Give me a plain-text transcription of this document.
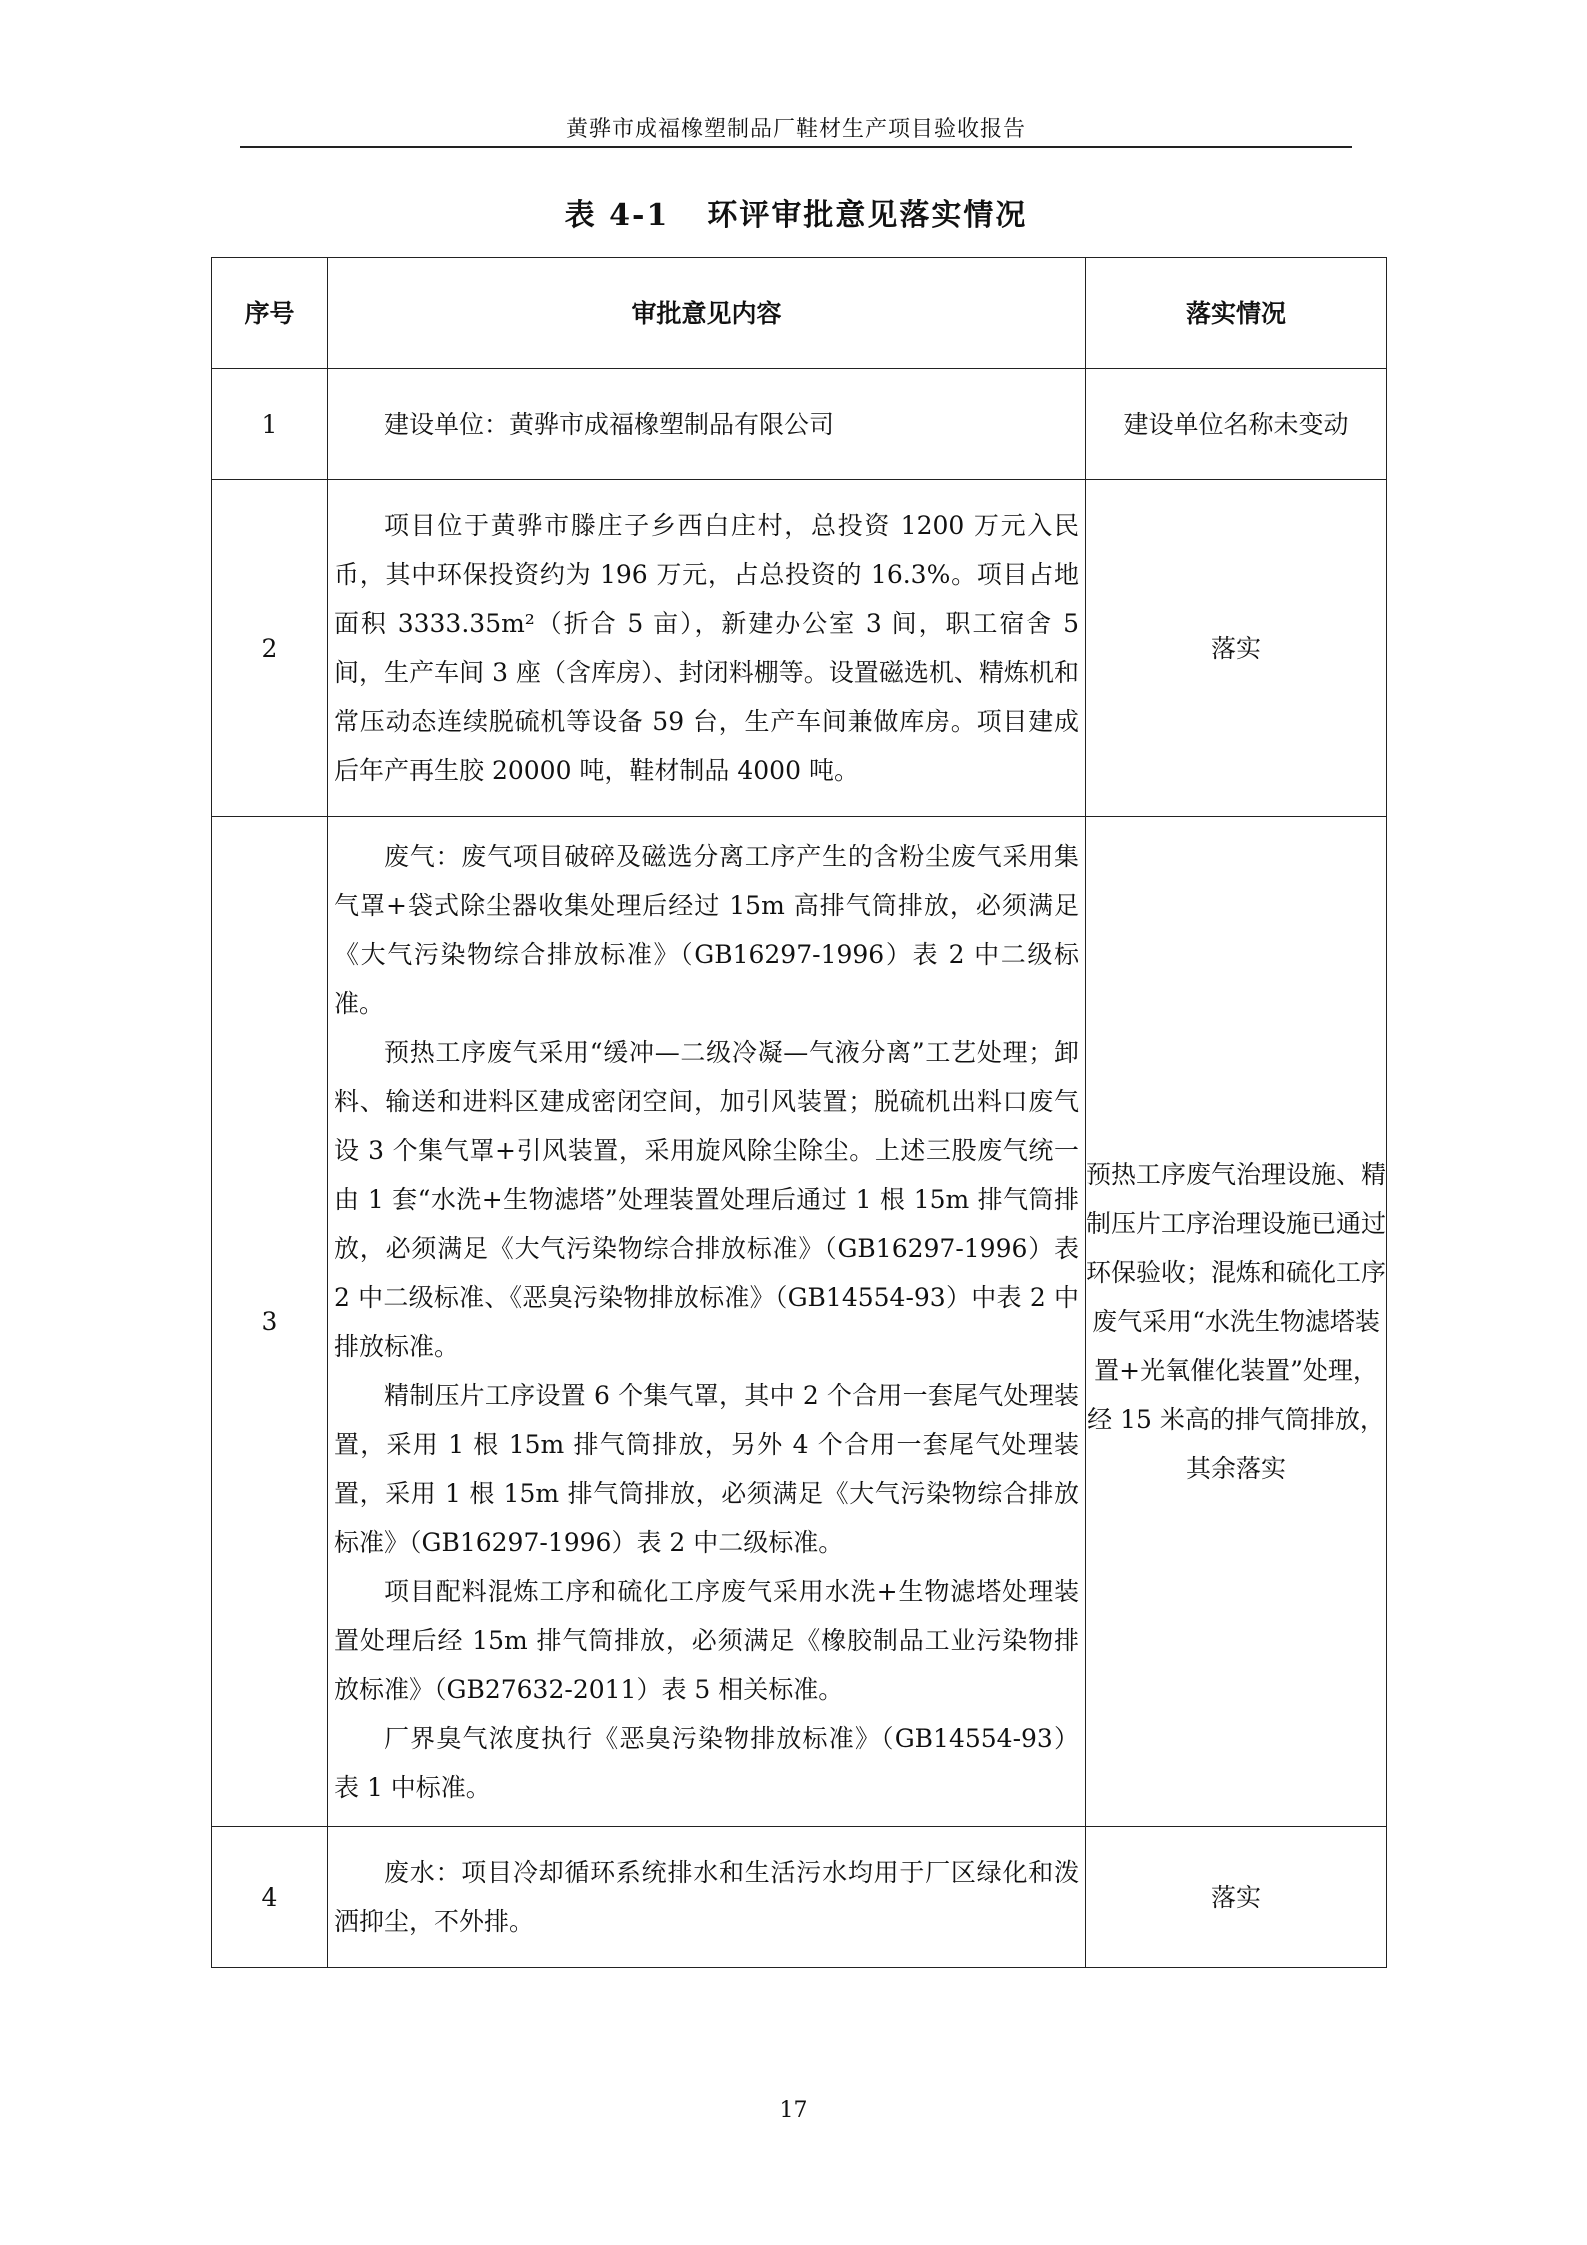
黄骅市成福橡塑制品厂鞋材生产项目验收报告
表 4-1 环评审批意见落实情况
序号	审批意见内容	落实情况
1	建设单位：黄骅市成福橡塑制品有限公司	建设单位名称未变动

2	项目位于黄骅市滕庄子乡西白庄村，总投资 1200 万元入民币，其中环保投资约为 196 万元，占总投资的 16.3%。项目占地面积 3333.35m²（折合 5 亩），新建办公室 3 间，职工宿舍 5 间，生产车间 3 座（含库房）、封闭料棚等。设置磁选机、精炼机和常压动态连续脱硫机等设备 59 台，生产车间兼做库房。项目建成后年产再生胶 20000 吨，鞋材制品 4000 吨。	落实

3	废气：废气项目破碎及磁选分离工序产生的含粉尘废气采用集气罩+袋式除尘器收集处理后经过 15m 高排气筒排放，必须满足《大气污染物综合排放标准》（GB16297-1996）表 2 中二级标准。

预热工序废气采用“缓冲—二级冷凝—气液分离”工艺处理；卸料、输送和进料区建成密闭空间，加引风装置；脱硫机出料口废气设 3 个集气罩+引风装置，采用旋风除尘除尘。上述三股废气统一由 1 套“水洗+生物滤塔”处理装置处理后通过 1 根 15m 排气筒排放，必须满足《大气污染物综合排放标准》（GB16297-1996）表 2 中二级标准、《恶臭污染物排放标准》（GB14554-93）中表 2 中排放标准。

精制压片工序设置 6 个集气罩，其中 2 个合用一套尾气处理装置，采用 1 根 15m 排气筒排放，另外 4 个合用一套尾气处理装置，采用 1 根 15m 排气筒排放，必须满足《大气污染物综合排放标准》（GB16297-1996）表 2 中二级标准。

项目配料混炼工序和硫化工序废气采用水洗+生物滤塔处理装置处理后经 15m 排气筒排放，必须满足《橡胶制品工业污染物排放标准》（GB27632-2011）表 5 相关标准。

厂界臭气浓度执行《恶臭污染物排放标准》（GB14554-93）表 1 中标准。	预热工序废气治理设施、精制压片工序治理设施已通过环保验收；混炼和硫化工序废气采用“水洗生物滤塔装置+光氧催化装置”处理，经 15 米高的排气筒排放，其余落实

4	废水：项目冷却循环系统排水和生活污水均用于厂区绿化和泼洒抑尘，不外排。	落实

17
